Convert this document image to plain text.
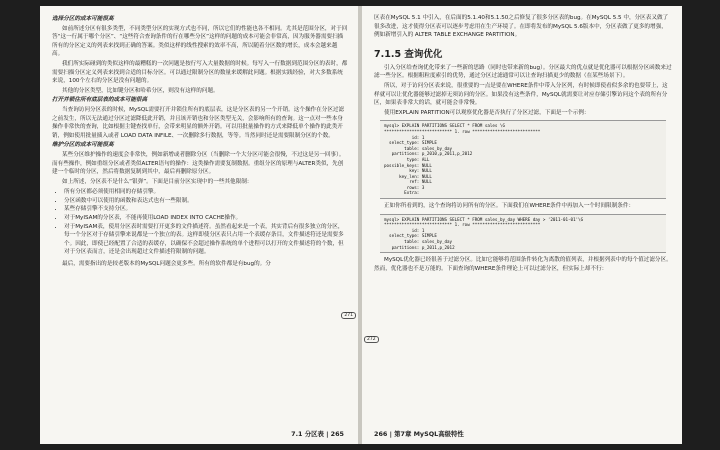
选择分区的成本可能很高
如前所述分区有很多类型，不同类型分区的实现方式也不同，所以它们的性能也各不相同。尤其是范围分区，对于回答“这一行属于哪个分区”、“这些符合查询条件的行在哪些分区”这样的问题的成本可能会非常高，因为服务器需要扫描所有的分区定义的列表来找到正确的答案。类似这样的线性搜索的效率不高，所以随着分区数的增长，成本会越来越高。
我们所实际碰到的类似这样的最糟糕的一次问题是按行写入大量数据的时候。每写入一行数据到范围分区的表时，都需要扫描分区定义列表来找到合适的目标分区。可以通过限制分区的数量来缓解此问题。根据实践经验，对大多数系统来说，100个左右的分区是没有问题的。
其他的分区类型，比如键分区和哈希分区，则没有这样的问题。
打开并锁住所有底层表的成本可能很高
当查询访问分区表的时候，MySQL需要打开并锁住所有的底层表，这是分区表的另一个开销。这个操作在分区过滤之前发生，所以无法通过分区过滤降低此开销，并且该开销也和分区类型无关，会影响所有的查询。这一点对一些本身操作非常快的查询，比如根据主键查找单行，会带来明显的额外开销。可以用批量操作的方式来降低单个操作的此类开销，例如使用批量插入或者 LOAD DATA INFILE、一次删除多行数据，等等。当然同时还是需要限制分区的个数。
维护分区的成本可能很高
某些分区维护操作的速度会非常快，例如新增或者删除分区（当删除一个大分区可能会很慢，不过这是另一回事）。而有些操作，例如重组分区或者类似ALTER语句的操作：这类操作需要复制数据。重组分区的原理与ALTER类似，先创建一个临时的分区，然后将数据复制到其中，最后再删除原分区。
如上所述，分区表不是什么“银弹”。下面是目前分区实现中的一些其他限制：
• 所有分区都必须使用相同的存储引擎。
• 分区函数中可以使用的函数和表达式也有一些限制。
• 某些存储引擎不支持分区。
• 对于MyISAM的分区表，不能再使用LOAD INDEX INTO CACHE操作。
• 对于MyISAM表，使用分区表时需要打开更多的文件描述符。虽然看起来是一个表，其实背后有很多独立的分区，每一个分区对于存储引擎来说都是一个独立的表。这样即使分区表只占用一个表缓存条目，文件描述符还是需要多个。因此，即使已经配置了合适的表缓存，以确保不会超过操作系统的单个进程可以打开的文件描述符的个数，但对于分区表而言，还是会出现超过文件描述符限制的问题。
最后，需要指出的是较老版本的MySQL问题会更多些。所有的软件都是有bug的。分
271
7.1 分区表 | 265
区表在MySQL 5.1 中引入，在后面的5.1.40和5.1.50之后修复了很多分区表的bug。在MySQL 5.5 中，分区表又做了很多改进，这才使得分区表可以逐步考虑用在生产环境了。在即将发布的MySQL 5.6版本中，分区表做了更多的增强，例如新增引入的 ALTER TABLE EXCHANGE PARTITION。
7.1.5 查询优化
引入分区给查询优化带来了一些新的思路（同时也带来新的bug）。分区最大的优点就是优化器可以根据分区函数来过滤一些分区。根据粗粒度索引的优势，通过分区过滤通常可以让查询扫描更少的数据（在某些场景下）。
所以，对于访问分区表来说，很重要的一点是要在WHERE条件中带入分区列，有时候即使看似多余的也要带上，这样就可以让优化器能够过滤掉无须访问的分区。如果没有这些条件，MySQL就需要让对应存储引擎访问这个表的所有分区，如果表非常大的话，就可能会非常慢。
使用EXPLAIN PARTITION可以观察优化器是否执行了分区过滤，下面是一个示例：
mysql> EXPLAIN PARTITIONS SELECT * FROM sales \G
*************************** 1. row ***************************
id: 1
select_type: SIMPLE
table: sales_by_day
partitions: p_2010,p_2011,p_2012
type: ALL
possible_keys: NULL
key: NULL
key_len: NULL
ref: NULL
rows: 3
Extra:
正如你所看到的，这个查询将访问所有的分区。下面我们在WHERE条件中再加入一个时间限制条件：
mysql> EXPLAIN PARTITIONS SELECT * FROM sales_by_day WHERE day > '2011-01-01'\G
*************************** 1. row ***************************
id: 1
select_type: SIMPLE
table: sales_by_day
partitions: p_2011,p_2012
MySQL优化器已经很善于过滤分区。比如它能够将范围条件转化为离散的值列表，并根据列表中的每个值过滤分区。然而，优化器也不是万能的。下面查询的WHERE条件理论上可以过滤分区，但实际上却不行：
272
266 | 第7章 MySQL高级特性
